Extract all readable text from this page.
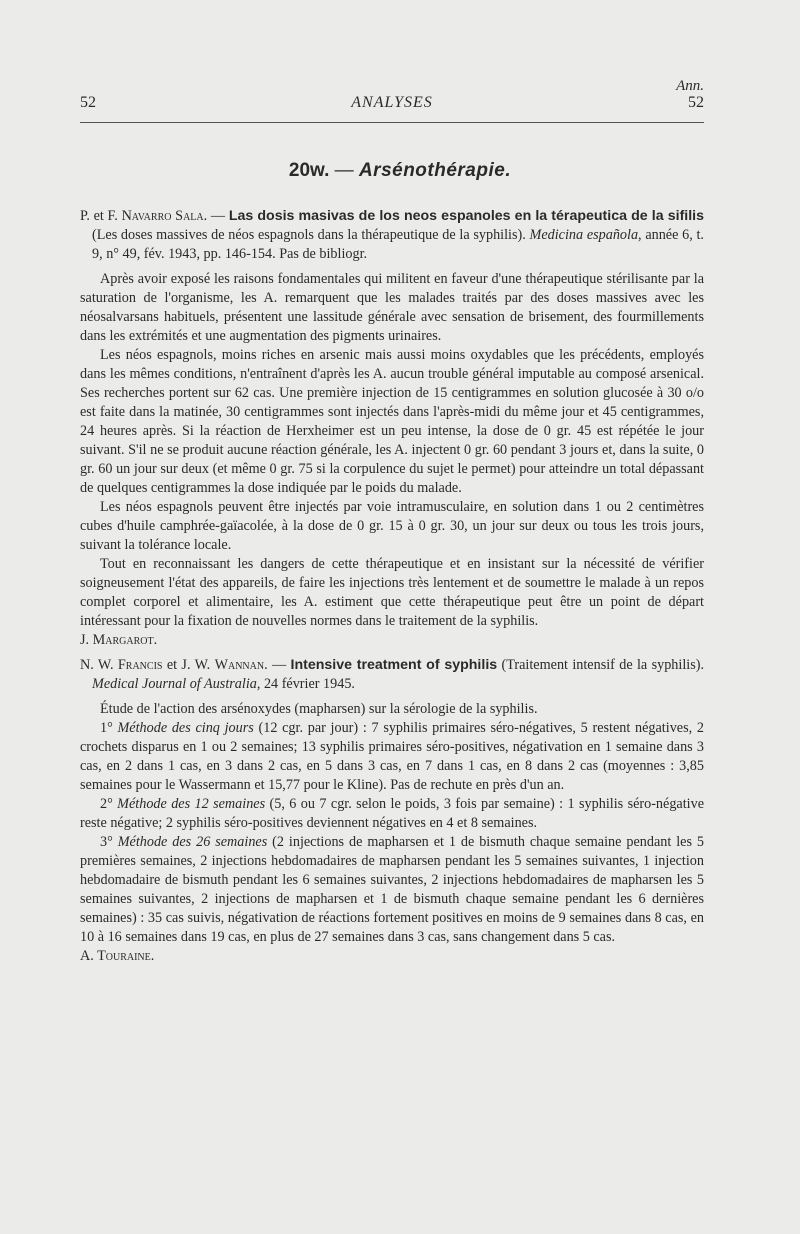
Ann.
52	ANALYSES	52
20w. — Arsénothérapie.

P. et F. Navarro Sala. — Las dosis masivas de los neos espanoles en la térapeutica de la sifilis (Les doses massives de néos espagnols dans la thérapeutique de la syphilis). Medicina española, année 6, t. 9, n° 49, fév. 1943, pp. 146-154. Pas de bibliogr.

Après avoir exposé les raisons fondamentales qui militent en faveur d'une thérapeutique stérilisante par la saturation de l'organisme, les A. remarquent que les malades traités par des doses massives avec les néosalvarsans habituels, présentent une lassitude générale avec sensation de brisement, des fourmillements dans les extrémités et une augmentation des pigments urinaires.

Les néos espagnols, moins riches en arsenic mais aussi moins oxydables que les précédents, employés dans les mêmes conditions, n'entraînent d'après les A. aucun trouble général imputable au composé arsenical. Ses recherches portent sur 62 cas. Une première injection de 15 centigrammes en solution glucosée à 30 o/o est faite dans la matinée, 30 centigrammes sont injectés dans l'après-midi du même jour et 45 centigrammes, 24 heures après. Si la réaction de Herxheimer est un peu intense, la dose de 0 gr. 45 est répétée le jour suivant. S'il ne se produit aucune réaction générale, les A. injectent 0 gr. 60 pendant 3 jours et, dans la suite, 0 gr. 60 un jour sur deux (et même 0 gr. 75 si la corpulence du sujet le permet) pour atteindre un total dépassant de quelques centigrammes la dose indiquée par le poids du malade.

Les néos espagnols peuvent être injectés par voie intramusculaire, en solution dans 1 ou 2 centimètres cubes d'huile camphrée-gaïacolée, à la dose de 0 gr. 15 à 0 gr. 30, un jour sur deux ou tous les trois jours, suivant la tolérance locale.

Tout en reconnaissant les dangers de cette thérapeutique et en insistant sur la nécessité de vérifier soigneusement l'état des appareils, de faire les injections très lentement et de soumettre le malade à un repos complet corporel et alimentaire, les A. estiment que cette thérapeutique peut être un point de départ intéressant pour la fixation de nouvelles normes dans le traitement de la syphilis.

J. Margarot.

N. W. Francis et J. W. Wannan. — Intensive treatment of syphilis (Traitement intensif de la syphilis). Medical Journal of Australia, 24 février 1945.

Étude de l'action des arsénoxydes (mapharsen) sur la sérologie de la syphilis.

1° Méthode des cinq jours (12 cgr. par jour) : 7 syphilis primaires séro-négatives, 5 restent négatives, 2 crochets disparus en 1 ou 2 semaines; 13 syphilis primaires séro-positives, négativation en 1 semaine dans 3 cas, en 2 dans 1 cas, en 3 dans 2 cas, en 5 dans 3 cas, en 7 dans 1 cas, en 8 dans 2 cas (moyennes : 3,85 semaines pour le Wassermann et 15,77 pour le Kline). Pas de rechute en près d'un an.

2° Méthode des 12 semaines (5, 6 ou 7 cgr. selon le poids, 3 fois par semaine) : 1 syphilis séro-négative reste négative; 2 syphilis séro-positives deviennent négatives en 4 et 8 semaines.

3° Méthode des 26 semaines (2 injections de mapharsen et 1 de bismuth chaque semaine pendant les 5 premières semaines, 2 injections hebdomadaires de mapharsen pendant les 5 semaines suivantes, 1 injection hebdomadaire de bismuth pendant les 6 semaines suivantes, 2 injections hebdomadaires de mapharsen les 5 semaines suivantes, 2 injections de mapharsen et 1 de bismuth chaque semaine pendant les 6 dernières semaines) : 35 cas suivis, négativation de réactions fortement positives en moins de 9 semaines dans 8 cas, en 10 à 16 semaines dans 19 cas, en plus de 27 semaines dans 3 cas, sans changement dans 5 cas.

A. Touraine.
